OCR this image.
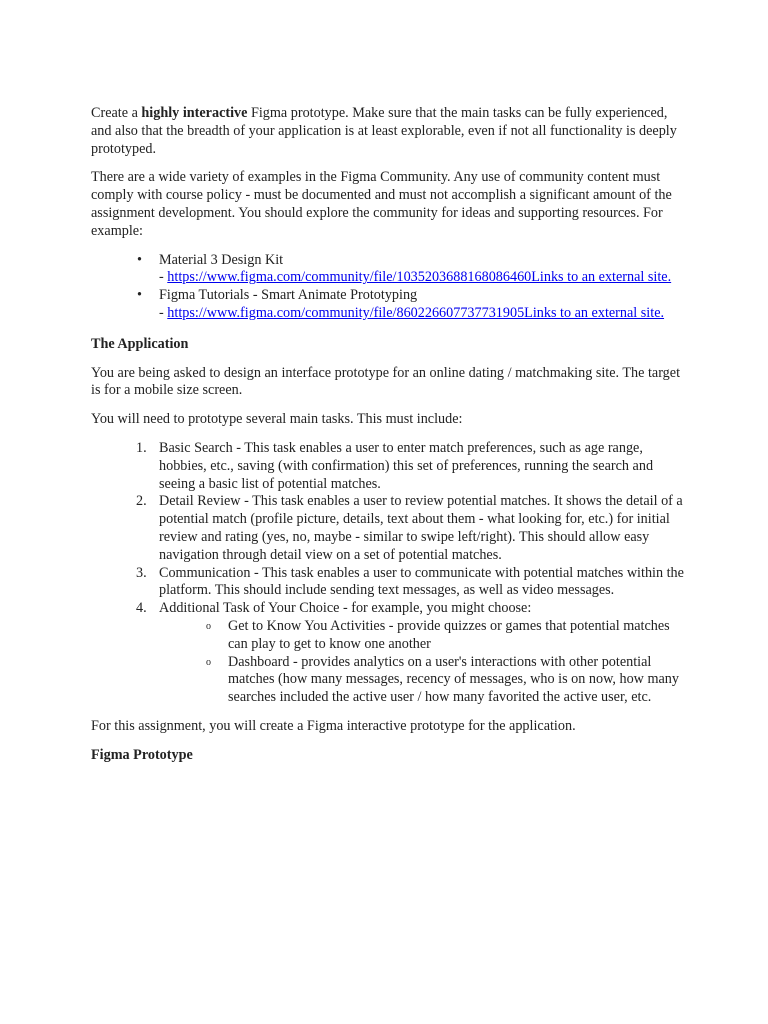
Create a highly interactive Figma prototype. Make sure that the main tasks can be fully experienced, and also that the breadth of your application is at least explorable, even if not all functionality is deeply prototyped.

There are a wide variety of examples in the Figma Community. Any use of community content must comply with course policy - must be documented and must not accomplish a significant amount of the assignment development. You should explore the community for ideas and supporting resources. For example:

• Material 3 Design Kit
- https://www.figma.com/community/file/1035203688168086460Links to an external site.
• Figma Tutorials - Smart Animate Prototyping
- https://www.figma.com/community/file/860226607737731905Links to an external site.

The Application

You are being asked to design an interface prototype for an online dating / matchmaking site. The target is for a mobile size screen.

You will need to prototype several main tasks. This must include:

1. Basic Search - This task enables a user to enter match preferences, such as age range, hobbies, etc., saving (with confirmation) this set of preferences, running the search and seeing a basic list of potential matches.
2. Detail Review - This task enables a user to review potential matches. It shows the detail of a potential match (profile picture, details, text about them - what looking for, etc.) for initial review and rating (yes, no, maybe - similar to swipe left/right). This should allow easy navigation through detail view on a set of potential matches.
3. Communication - This task enables a user to communicate with potential matches within the platform. This should include sending text messages, as well as video messages.
4. Additional Task of Your Choice - for example, you might choose:
o Get to Know You Activities - provide quizzes or games that potential matches can play to get to know one another
o Dashboard - provides analytics on a user's interactions with other potential matches (how many messages, recency of messages, who is on now, how many searches included the active user / how many favorited the active user, etc.

For this assignment, you will create a Figma interactive prototype for the application.

Figma Prototype
